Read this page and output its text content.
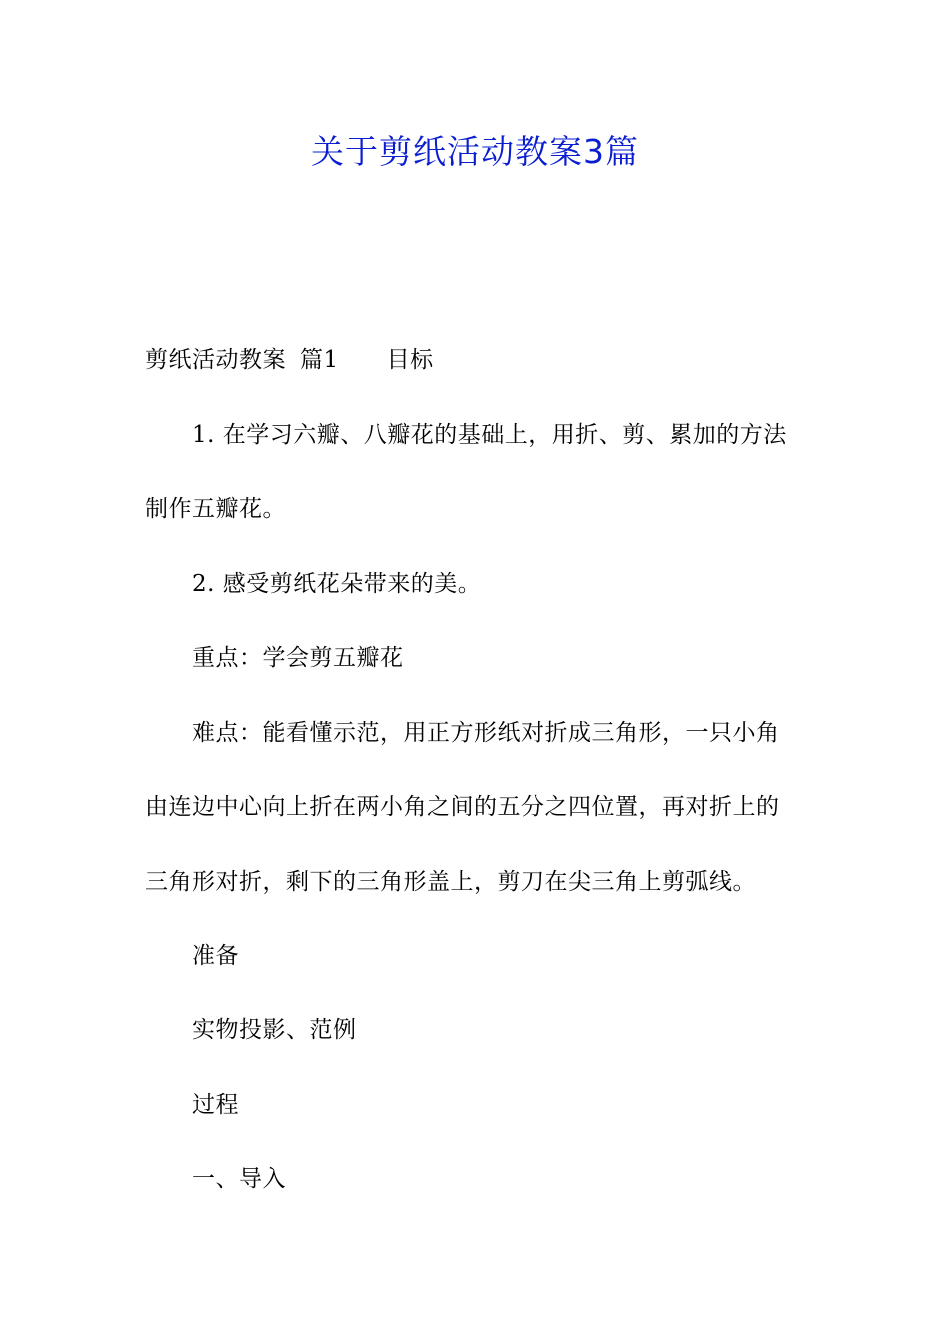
关于剪纸活动教案3篇
剪纸活动教案 篇1 目标
1. 在学习六瓣、八瓣花的基础上，用折、剪、累加的方法
制作五瓣花。
2. 感受剪纸花朵带来的美。
重点：学会剪五瓣花
难点：能看懂示范，用正方形纸对折成三角形，一只小角
由连边中心向上折在两小角之间的五分之四位置，再对折上的
三角形对折，剩下的三角形盖上，剪刀在尖三角上剪弧线。
准备
实物投影、范例
过程
一、导入
